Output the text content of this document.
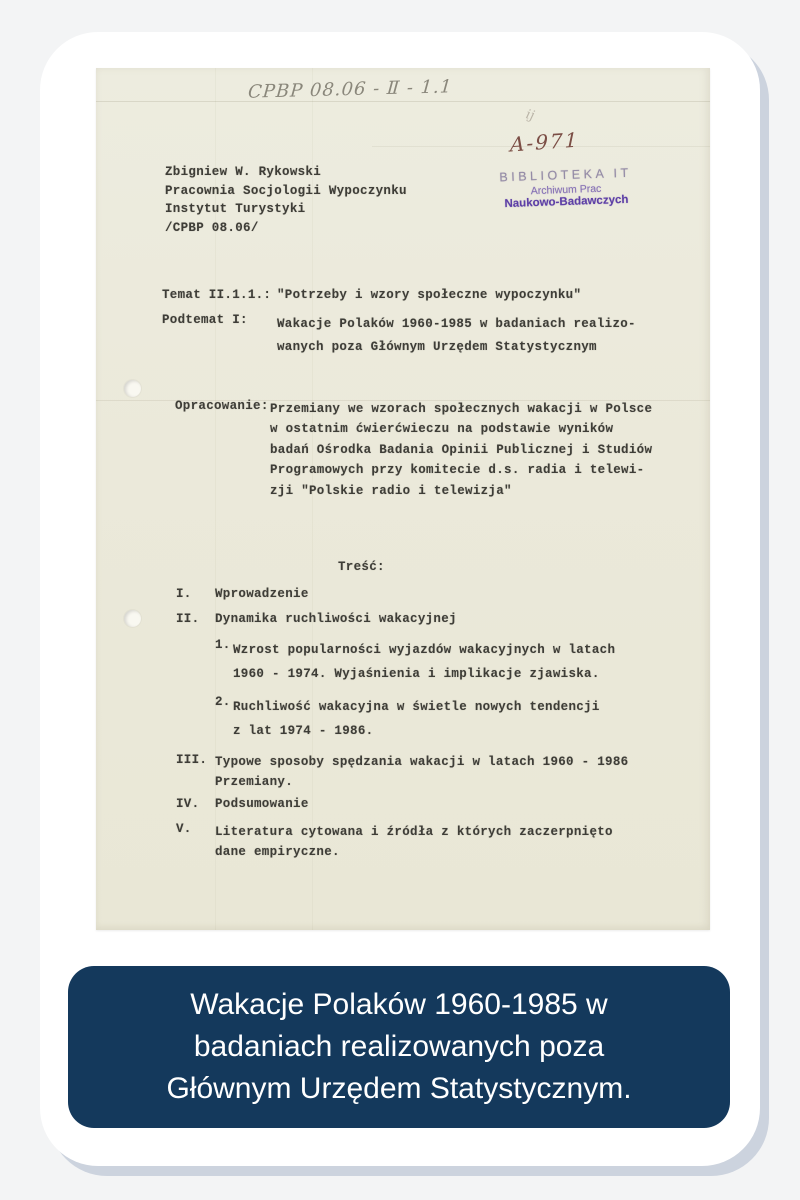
CPBP 08.06 - Ⅱ - 1.1
ij
A-971
BIBLIOTEKA IT
Archiwum Prac
Naukowo-Badawczych
Zbigniew W. Rykowski
Pracownia Socjologii Wypoczynku
Instytut Turystyki
/CPBP 08.06/
Temat II.1.1.: "Potrzeby i wzory społeczne wypoczynku"
Podtemat I: Wakacje Polaków 1960-1985 w badaniach realizo-
wanych poza Głównym Urzędem Statystycznym
Opracowanie: Przemiany we wzorach społecznych wakacji w Polsce
w ostatnim ćwierćwieczu na podstawie wyników
badań Ośrodka Badania Opinii Publicznej i Studiów
Programowych przy komitecie d.s. radia i telewi-
zji "Polskie radio i telewizja"
Treść:
I. Wprowadzenie
II. Dynamika ruchliwości wakacyjnej
1. Wzrost popularności wyjazdów wakacyjnych w latach
1960 - 1974. Wyjaśnienia i implikacje zjawiska.
2. Ruchliwość wakacyjna w świetle nowych tendencji
z lat 1974 - 1986.
III. Typowe sposoby spędzania wakacji w latach 1960 - 1986
Przemiany.
IV. Podsumowanie
V. Literatura cytowana i źródła z których zaczerpnięto
dane empiryczne.
Wakacje Polaków 1960-1985 w
badaniach realizowanych poza
Głównym Urzędem Statystycznym.
